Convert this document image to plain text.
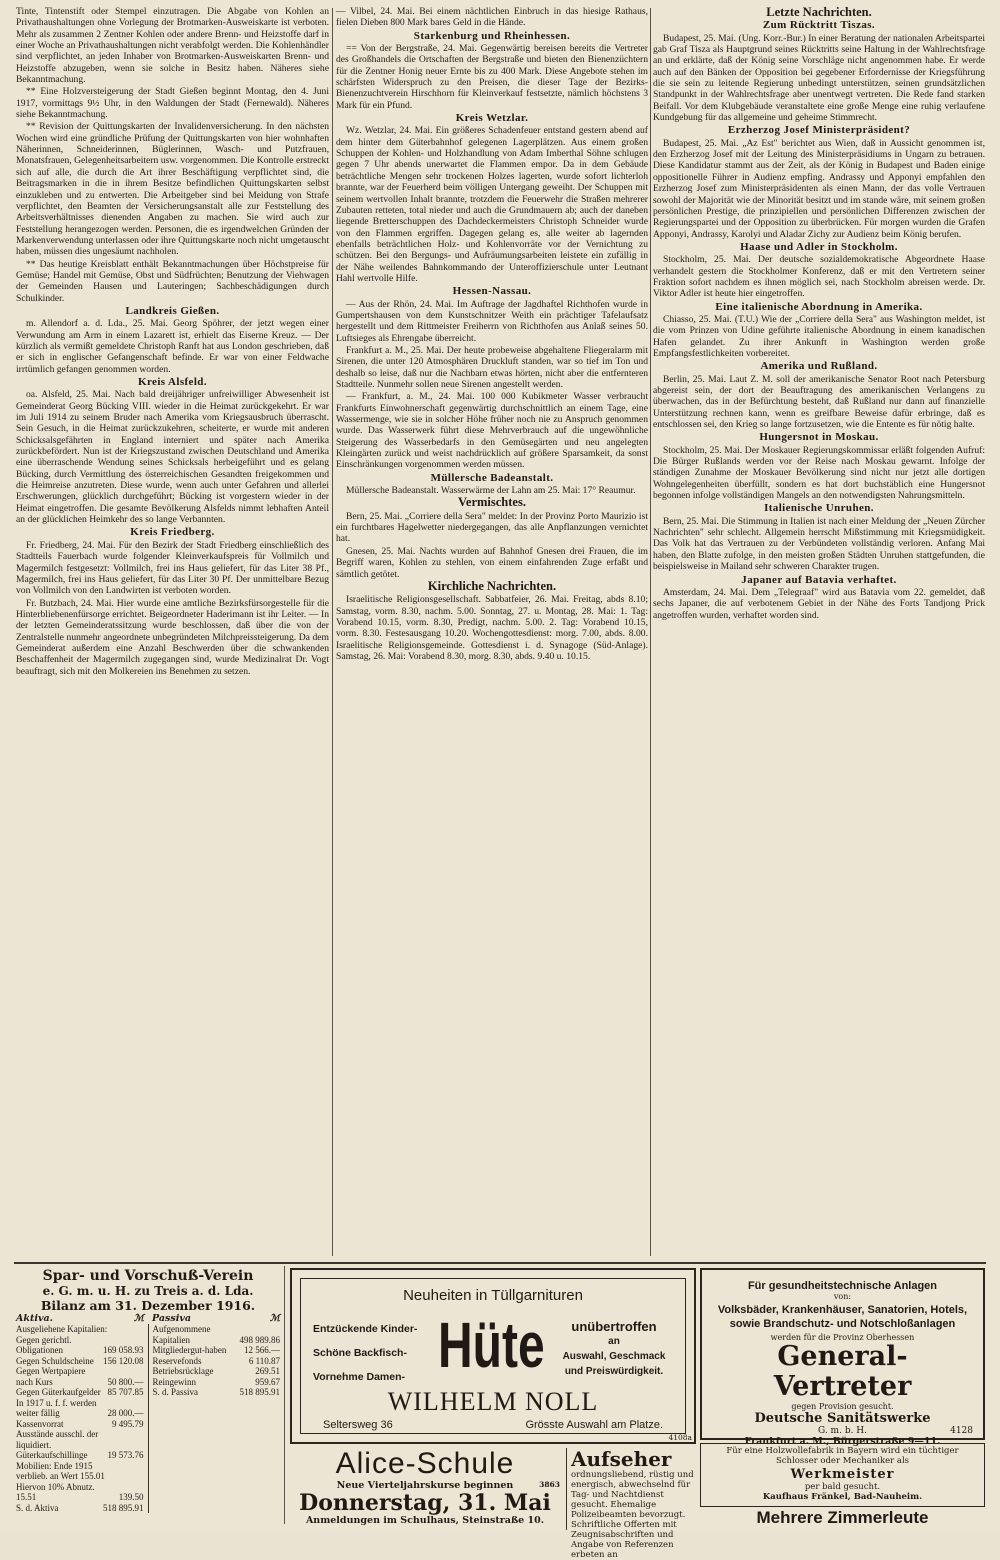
Tinte, Tintenstift oder Stempel einzutragen. Die Abgabe von Kohlen an Privathaushaltungen ohne Vorlegung der Brotmarken-Ausweiskarte ist verboten. Mehr als zusammen 2 Zentner Kohlen oder andere Brenn- und Heizstoffe darf in einer Woche an Privathaushaltungen nicht verabfolgt werden. Die Kohlenhändler sind verpflichtet, an jeden Inhaber von Brotmarken-Ausweiskarten Brenn- und Heizstoffe abzugeben, wenn sie solche in Besitz haben. Näheres siehe Bekanntmachung.

** Eine Holzversteigerung der Stadt Gießen beginnt Montag, den 4. Juni 1917, vormittags 9½ Uhr, in den Waldungen der Stadt (Fernewald). Näheres siehe Bekanntmachung.

** Revision der Quittungskarten der Invalidenversicherung. In den nächsten Wochen wird eine gründliche Prüfung der Quittungskarten von hier wohnhaften Näherinnen, Schneiderinnen, Büglerinnen, Wasch- und Putzfrauen, Monatsfrauen, Gelegenheitsarbeitern usw. vorgenommen. Die Kontrolle erstreckt sich auf alle, die durch die Art ihrer Beschäftigung verpflichtet sind, die Beitragsmarken in die in ihrem Besitze befindlichen Quittungskarten selbst einzukleben und zu entwerten. Die Arbeitgeber sind bei Meidung von Strafe verpflichtet, den Beamten der Versicherungsanstalt alle zur Feststellung des Arbeitsverhältnisses dienenden Angaben zu machen. Sie wird auch zur Feststellung herangezogen werden. Personen, die es irgendwelchen Gründen der Markenverwendung unterlassen oder ihre Quittungskarte noch nicht umgetauscht haben, müssen dies ungesäumt nachholen.

** Das heutige Kreisblatt enthält Bekanntmachungen über Höchstpreise für Gemüse; Handel mit Gemüse, Obst und Südfrüchten; Benutzung der Viehwagen der Gemeinden Hausen und Lauteringen; Sachbeschädigungen durch Schulkinder.

Landkreis Gießen.

m. Allendorf a. d. Lda., 25. Mai. Georg Spöhrer, der jetzt wegen einer Verwundung am Arm in einem Lazarett ist, erhielt das Eiserne Kreuz. — Der kürzlich als vermißt gemeldete Christoph Ranft hat aus London geschrieben, daß er sich in englischer Gefangenschaft befinde. Er war von einer Feldwache irrtümlich gefangen genommen worden.

Kreis Alsfeld.

oa. Alsfeld, 25. Mai. Nach bald dreijähriger unfreiwilliger Abwesenheit ist Gemeinderat Georg Bücking VIII. wieder in die Heimat zurückgekehrt. Er war im Juli 1914 zu seinem Bruder nach Amerika vom Kriegsausbruch überrascht. Sein Gesuch, in die Heimat zurückzukehren, scheiterte, er wurde mit anderen Schicksalsgefährten in England interniert und später nach Amerika zurückbefördert. Nun ist der Kriegszustand zwischen Deutschland und Amerika eine überraschende Wendung seines Schicksals herbeigeführt und es gelang Bücking, durch Vermittlung des österreichischen Gesandten freigekommen und die Heimreise anzutreten. Diese wurde, wenn auch unter Gefahren und allerlei Erschwerungen, glücklich durchgeführt; Bücking ist vorgestern wieder in der Heimat eingetroffen. Die gesamte Bevölkerung Alsfelds nimmt lebhaften Anteil an der glücklichen Heimkehr des so lange Verbannten.

Kreis Friedberg.

Fr. Friedberg, 24. Mai. Für den Bezirk der Stadt Friedberg einschließlich des Stadtteils Fauerbach wurde folgender Kleinverkaufspreis für Vollmilch und Magermilch festgesetzt: Vollmilch, frei ins Haus geliefert, für das Liter 38 Pf., Magermilch, frei ins Haus geliefert, für das Liter 30 Pf. Der unmittelbare Bezug von Vollmilch von den Landwirten ist verboten worden.

Fr. Butzbach, 24. Mai. Hier wurde eine amtliche Bezirksfürsorgestelle für die Hinterbliebenenfürsorge errichtet. Beigeordneter Haderimann ist ihr Leiter. — In der letzten Gemeinderatssitzung wurde beschlossen, daß über die von der Zentralstelle nunmehr angeordnete unbegründeten Milchpreissteigerung. Da dem Gemeinderat außerdem eine Anzahl Beschwerden über die schwankenden Beschaffenheit der Magermilch zugegangen sind, wurde Medizinalrat Dr. Vogt beauftragt, sich mit den Molkereien ins Benehmen zu setzen.

— Vilbel, 24. Mai. Bei einem nächtlichen Einbruch in das hiesige Rathaus, fielen Dieben 800 Mark bares Geld in die Hände.

Starkenburg und Rheinhessen.

== Von der Bergstraße, 24. Mai. Gegenwärtig bereisen bereits die Vertreter des Großhandels die Ortschaften der Bergstraße und bieten den Bienenzüchtern für die Zentner Honig neuer Ernte bis zu 400 Mark. Diese Angebote stehen im schärfsten Widerspruch zu den Preisen, die dieser Tage der Bezirks-Bienenzuchtverein Hirschhorn für Kleinverkauf festsetzte, nämlich höchstens 3 Mark für ein Pfund.

Kreis Wetzlar.

Wz. Wetzlar, 24. Mai. Ein größeres Schadenfeuer entstand gestern abend auf dem hinter dem Güterbahnhof gelegenen Lagerplätzen. Aus einem großen Schuppen der Kohlen- und Holzhandlung von Adam Imberthal Söhne schlugen gegen 7 Uhr abends unerwartet die Flammen empor. Da in dem Gebäude beträchtliche Mengen sehr trockenen Holzes lagerten, wurde sofort lichterloh brannte, war der Feuerherd beim völligen Untergang geweiht. Der Schuppen mit seinem wertvollen Inhalt brannte, trotzdem die Feuerwehr die Straßen mehrerer Zubauten retteten, total nieder und auch die Grundmauern ab; auch der daneben liegende Bretterschuppen des Dachdeckermeisters Christoph Schneider wurde von den Flammen ergriffen. Dagegen gelang es, alle weiter ab lagernden ebenfalls beträchtlichen Holz- und Kohlenvorräte vor der Vernichtung zu schützen. Bei den Bergungs- und Aufräumungsarbeiten leistete ein zufällig in der Nähe weilendes Bahnkommando der Unteroffizierschule unter Leutnant Hahl wertvolle Hilfe.

Hessen-Nassau.

— Aus der Rhön, 24. Mai. Im Auftrage der Jagdhaftel Richthofen wurde in Gumpertshausen von dem Kunstschnitzer Weith ein prächtiger Tafelaufsatz hergestellt und dem Rittmeister Freiherrn von Richthofen aus Anlaß seines 50. Luftsieges als Ehrengabe überreicht.

Frankfurt a. M., 25. Mai. Der heute probeweise abgehaltene Fliegeralarm mit Sirenen, die unter 120 Atmosphären Druckluft standen, war so tief im Ton und deshalb so leise, daß nur die Nachbarn etwas hörten, nicht aber die entfernteren Stadtteile. Nunmehr sollen neue Sirenen angestellt werden.

— Frankfurt, a. M., 24. Mai. 100 000 Kubikmeter Wasser verbraucht Frankfurts Einwohnerschaft gegenwärtig durchschnittlich an einem Tage, eine Wassermenge, wie sie in solcher Höhe früher noch nie zu Anspruch genommen wurde. Das Wasserwerk führt diese Mehrverbrauch auf die ungewöhnliche Steigerung des Wasserbedarfs in den Gemüsegärten und neu angelegten Kleingärten zurück und weist nachdrücklich auf größere Sparsamkeit, da sonst Einschränkungen vorgenommen werden müssen.

Müllersche Badeanstalt.

Müllersche Badeanstalt. Wasserwärme der Lahn am 25. Mai: 17° Reaumur.

Vermischtes.

Bern, 25. Mai. „Corriere della Sera" meldet: In der Provinz Porto Maurizio ist ein furchtbares Hagelwetter niedergegangen, das alle Anpflanzungen vernichtet hat.

Gnesen, 25. Mai. Nachts wurden auf Bahnhof Gnesen drei Frauen, die im Begriff waren, Kohlen zu stehlen, von einem einfahrenden Zuge erfaßt und sämtlich getötet.

Kirchliche Nachrichten.

Israelitische Religionsgesellschaft. Sabbatfeier, 26. Mai. Freitag, abds 8.10; Samstag, vorm. 8.30, nachm. 5.00. Sonntag, 27. u. Montag, 28. Mai: 1. Tag: Vorabend 10.15, vorm. 8.30, Predigt, nachm. 5.00. 2. Tag: Vorabend 10.15, vorm. 8.30. Festesausgang 10.20. Wochengottesdienst: morg. 7.00, abds. 8.00. Israelitische Religionsgemeinde. Gottesdienst i. d. Synagoge (Süd-Anlage). Samstag, 26. Mai: Vorabend 8.30, morg. 8.30, abds. 9.40 u. 10.15.

Letzte Nachrichten.
Zum Rücktritt Tiszas.

Budapest, 25. Mai. (Ung. Korr.-Bur.) In einer Beratung der nationalen Arbeitspartei gab Graf Tisza als Hauptgrund seines Rücktritts seine Haltung in der Wahlrechtsfrage an und erklärte, daß der König seine Vorschläge nicht angenommen habe. Er werde auch auf den Bänken der Opposition bei gegebener Erfordernisse der Kriegsführung die sie sein zu leitende Regierung unbedingt unterstützen, seinen grundsätzlichen Standpunkt in der Wahlrechtsfrage aber unentwegt vertreten. Die Rede fand starken Beifall. Vor dem Klubgebäude veranstaltete eine große Menge eine ruhig verlaufene Kundgebung für das allgemeine und geheime Stimmrecht.

Erzherzog Josef Ministerpräsident?

Budapest, 25. Mai. „Az Est" berichtet aus Wien, daß in Aussicht genommen ist, den Erzherzog Josef mit der Leitung des Ministerpräsidiums in Ungarn zu betrauen. Diese Kandidatur stammt aus der Zeit, als der König in Budapest und Baden einige oppositionelle Führer in Audienz empfing. Andrassy und Apponyi empfahlen den Erzherzog Josef zum Ministerpräsidenten als einen Mann, der das volle Vertrauen sowohl der Majorität wie der Minorität besitzt und im stande wäre, mit seinem großen persönlichen Prestige, die prinzipiellen und persönlichen Differenzen zwischen der Regierungspartei und der Opposition zu überbrücken. Für morgen wurden die Grafen Apponyi, Andrassy, Karolyi und Aladar Zichy zur Audienz beim König berufen.

Haase und Adler in Stockholm.

Stockholm, 25. Mai. Der deutsche sozialdemokratische Abgeordnete Haase verhandelt gestern die Stockholmer Konferenz, daß er mit den Vertretern seiner Fraktion sofort nachdem es ihnen möglich sei, nach Stockholm abreisen werde. Dr. Viktor Adler ist heute hier eingetroffen.

Eine italienische Abordnung in Amerika.

Chiasso, 25. Mai. (T.U.) Wie der „Corriere della Sera" aus Washington meldet, ist die vom Prinzen von Udine geführte italienische Abordnung in einem kanadischen Hafen gelandet. Zu ihrer Ankunft in Washington werden große Empfangsfestlichkeiten vorbereitet.

Amerika und Rußland.

Berlin, 25. Mai. Laut Z. M. soll der amerikanische Senator Root nach Petersburg abgereist sein, der dort der Beauftragung des amerikanischen Verlangens zu überwachen, das in der Befürchtung besteht, daß Rußland nur dann auf finanzielle Unterstützung rechnen kann, wenn es greifbare Beweise dafür erbringe, daß es entschlossen sei, den Krieg so lange fortzusetzen, wie die Entente es für nötig halte.

Hungersnot in Moskau.

Stockholm, 25. Mai. Der Moskauer Regierungskommissar erläßt folgenden Aufruf: Die Bürger Rußlands werden vor der Reise nach Moskau gewarnt. Infolge der ständigen Zunahme der Moskauer Bevölkerung sind nicht nur jetzt alle dortigen Wohngelegenheiten überfüllt, sondern es hat dort buchstäblich eine Hungersnot begonnen infolge vollständigen Mangels an den notwendigsten Nahrungsmitteln.

Italienische Unruhen.

Bern, 25. Mai. Die Stimmung in Italien ist nach einer Meldung der „Neuen Zürcher Nachrichten" sehr schlecht. Allgemein herrscht Mißstimmung mit Kriegsmüdigkeit. Das Volk hat das Vertrauen zu der Verbündeten vollständig verloren. Anfang Mai haben, den Blatte zufolge, in den meisten großen Städten Unruhen stattgefunden, die beispielsweise in Mailand sehr schweren Charakter trugen.

Japaner auf Batavia verhaftet.

Amsterdam, 24. Mai. Dem „Telegraaf" wird aus Batavia vom 22. gemeldet, daß sechs Japaner, die auf verbotenem Gebiet in der Nähe des Forts Tandjong Prick angetroffen wurden, verhaftet worden sind.

Spar- und Vorschuß-Verein
e. G. m. u. H. zu Treis a. d. Lda.
Bilanz am 31. Dezember 1916.
Aktiva.	ℳ Passiva	ℳ
Ausgeliehene Kapitalien:
Gegen gerichtl. Obligationen	169 058.93
Gegen Schuldscheine	156 120.08
Gegen Wertpapiere nach Kurs	50 800.—
Gegen Güterkaufgelder 85 707.85
In 1917 u. f. f. werden weiter fällig	28 000.—
Kassenvorrat	9 495.79
Ausstände ausschl. der liquidiert. Güterkaufschillinge	19 573.76
Mobilien: Ende 1915 verblieb. an Wert 155.01 Hiervon 10% Abnutz. 15.51	139.50
S. d. Aktiva	518 895.91
Aufgenommene Kapitalien	498 989.86
Mitgliedergut-haben	12 566.—
Reservefonds	6 110.87
Betriebsrücklage	269.51
Reingewinn	959.67
S. d. Passiva	518 895.91
Neuheiten in Tüllgarnituren
Entzückende Kinder-
Schöne Backfisch-
Vornehme Damen- Hüte	unübertroffen
an
Auswahl, Geschmack
und Preiswürdigkeit.
WILHELM NOLL
Seltersweg 36	Grösste Auswahl am Platze.
4108a
Für gesundheitstechnische Anlagen
von:
Volksbäder, Krankenhäuser, Sanatorien, Hotels, sowie Brandschutz- und Notschloßanlagen
werden für die Provinz Oberhessen
General-Vertreter
gegen Provision gesucht.
Deutsche Sanitätswerke
G. m. b. H.	4128
Frankfurt a. M., Bürgerstraße 9—11.
Für eine Holzwollefabrik in Bayern wird ein tüchtiger Schlosser oder Mechaniker als
Werkmeister
per bald gesucht.
Kaufhaus Fränkel, Bad-Nauheim.
Mehrere Zimmerleute
Alice-Schule
Neue Vierteljahrskurse beginnen	3863
Donnerstag, 31. Mai
Anmeldungen im Schulhaus, Steinstraße 10.
Aufseher
ordnungsliebend, rüstig und energisch, abwechselnd für Tag- und Nachtdienst gesucht. Ehemalige Polizeibeamten bevorzugt. Schriftliche Offerten mit Zeugnisabschriften und Angabe von Referenzen erbeten an
